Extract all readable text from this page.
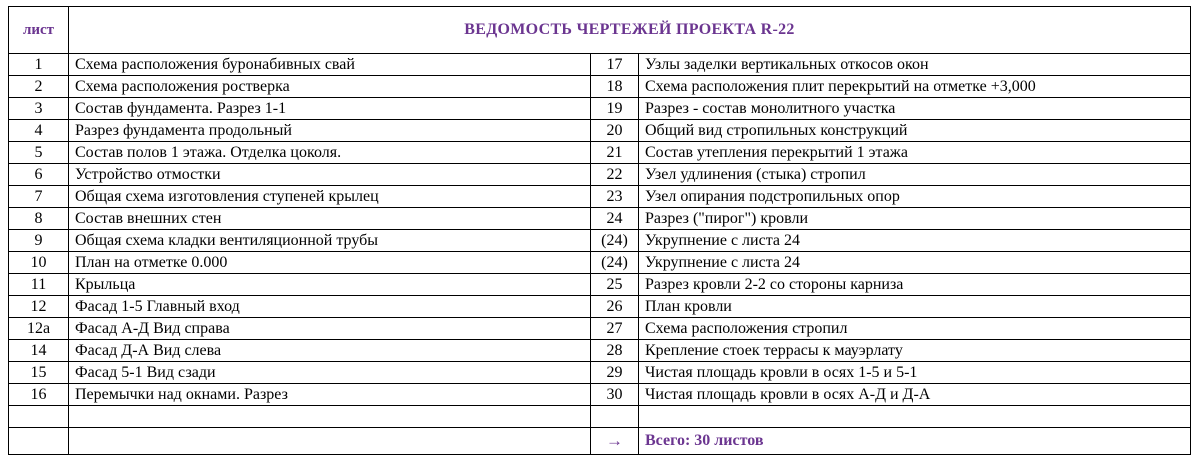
лист	ВЕДОМОСТЬ ЧЕРТЕЖЕЙ ПРОЕКТА R-22		
1	Схема расположения буронабивных свай	17	Узлы заделки вертикальных откосов окон
2	Схема расположения ростверка	18	Схема расположения плит перекрытий на отметке +3,000
3	Состав фундамента. Разрез 1-1	19	Разрез - состав монолитного участка
4	Разрез фундамента продольный	20	Общий вид стропильных конструкций
5	Состав полов 1 этажа. Отделка цоколя.	21	Состав утепления перекрытий 1 этажа
6	Устройство отмостки	22	Узел удлинения (стыка) стропил
7	Общая схема изготовления ступеней крылец	23	Узел опирания подстропильных опор
8	Состав внешних стен	24	Разрез ("пирог") кровли
9	Общая схема кладки вентиляционной трубы	(24)	Укрупнение с листа 24
10	План на отметке 0.000	(24)	Укрупнение с листа 24
11	Крыльца	25	Разрез кровли 2-2 со стороны карниза
12	Фасад 1-5 Главный вход	26	План кровли
12а	Фасад А-Д Вид справа	27	Схема расположения стропил
14	Фасад Д-А Вид слева	28	Крепление стоек террасы к мауэрлату
15	Фасад 5-1 Вид сзади	29	Чистая площадь кровли в осях 1-5 и 5-1
16	Перемычки над окнами. Разрез	30	Чистая площадь кровли в осях А-Д и Д-А

		→	Всего: 30 листов
